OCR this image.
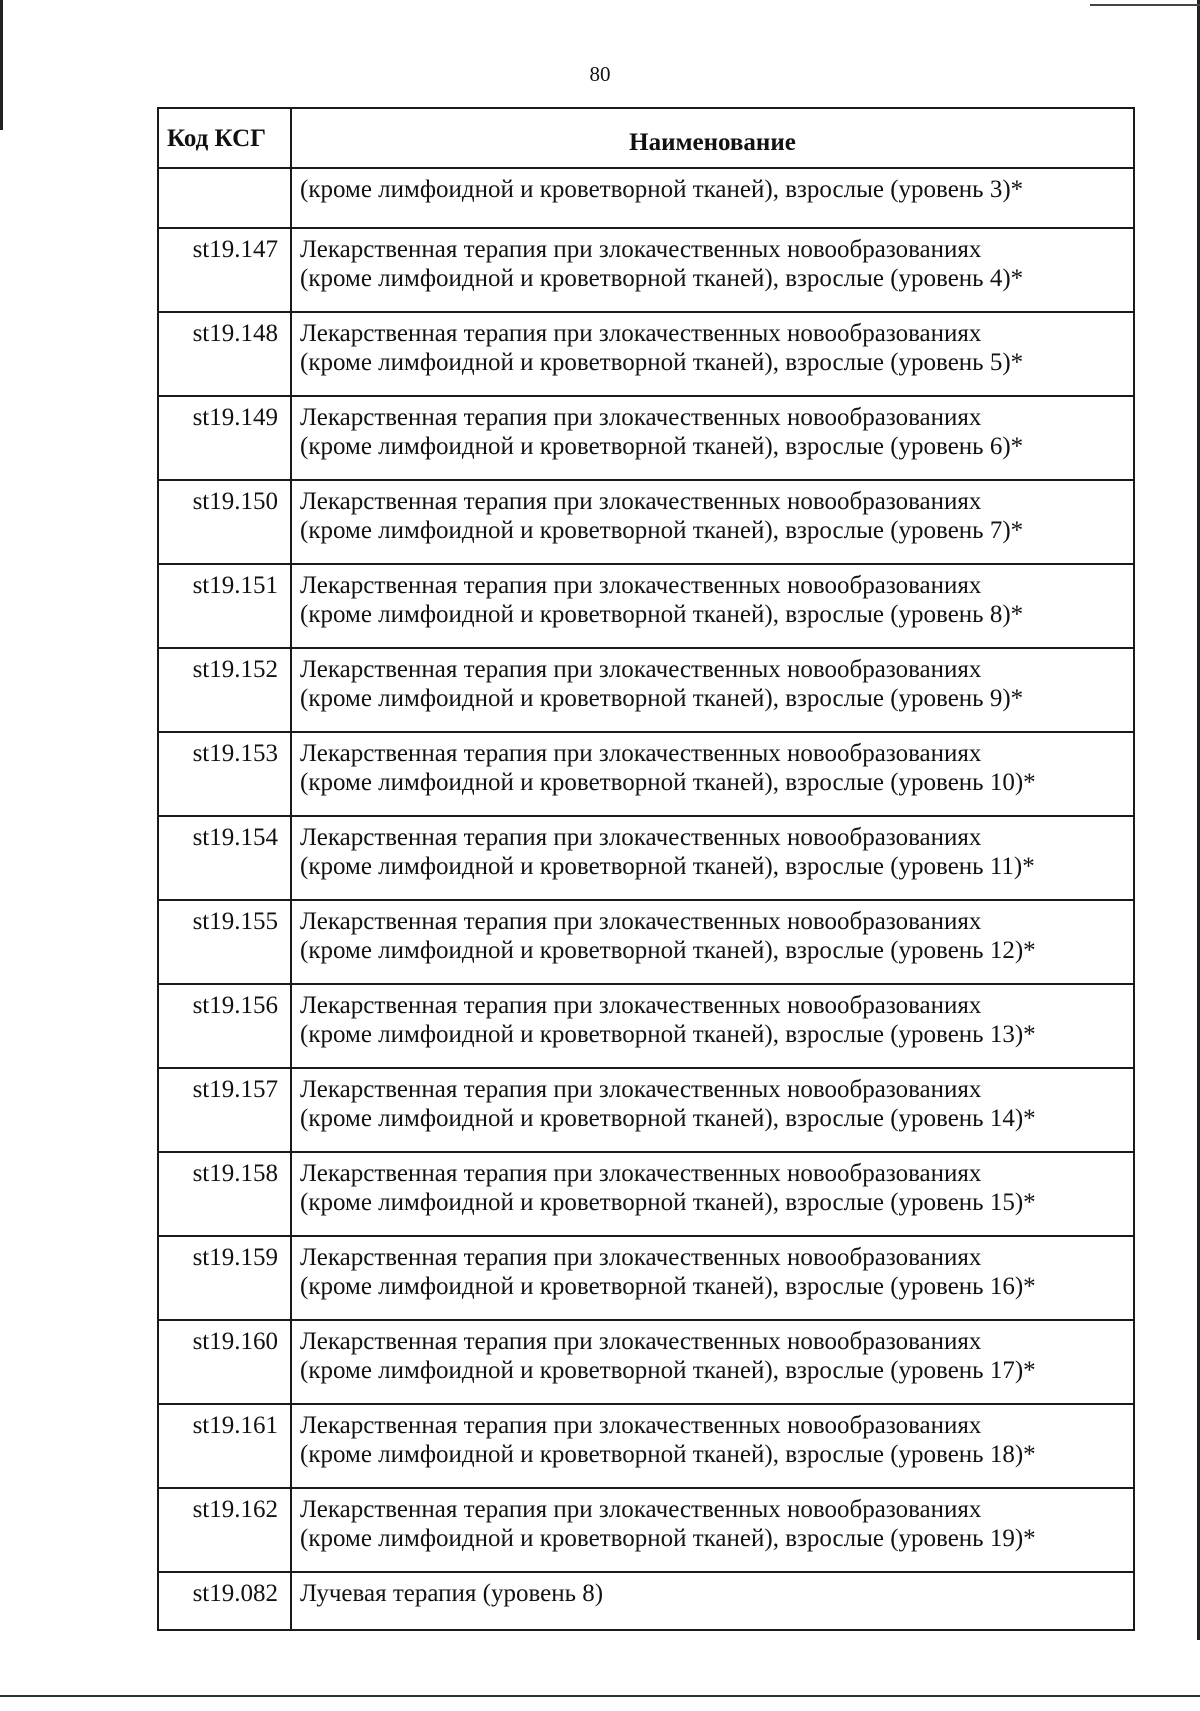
80
Код КСГ	Наименование
	(кроме лимфоидной и кроветворной тканей), взрослые (уровень 3)*
st19.147	Лекарственная терапия при злокачественных новообразованиях
(кроме лимфоидной и кроветворной тканей), взрослые (уровень 4)*

st19.148	Лекарственная терапия при злокачественных новообразованиях
(кроме лимфоидной и кроветворной тканей), взрослые (уровень 5)*

st19.149	Лекарственная терапия при злокачественных новообразованиях
(кроме лимфоидной и кроветворной тканей), взрослые (уровень 6)*

st19.150	Лекарственная терапия при злокачественных новообразованиях
(кроме лимфоидной и кроветворной тканей), взрослые (уровень 7)*

st19.151	Лекарственная терапия при злокачественных новообразованиях
(кроме лимфоидной и кроветворной тканей), взрослые (уровень 8)*

st19.152	Лекарственная терапия при злокачественных новообразованиях
(кроме лимфоидной и кроветворной тканей), взрослые (уровень 9)*

st19.153	Лекарственная терапия при злокачественных новообразованиях
(кроме лимфоидной и кроветворной тканей), взрослые (уровень 10)*

st19.154	Лекарственная терапия при злокачественных новообразованиях
(кроме лимфоидной и кроветворной тканей), взрослые (уровень 11)*

st19.155	Лекарственная терапия при злокачественных новообразованиях
(кроме лимфоидной и кроветворной тканей), взрослые (уровень 12)*

st19.156	Лекарственная терапия при злокачественных новообразованиях
(кроме лимфоидной и кроветворной тканей), взрослые (уровень 13)*

st19.157	Лекарственная терапия при злокачественных новообразованиях
(кроме лимфоидной и кроветворной тканей), взрослые (уровень 14)*

st19.158	Лекарственная терапия при злокачественных новообразованиях
(кроме лимфоидной и кроветворной тканей), взрослые (уровень 15)*

st19.159	Лекарственная терапия при злокачественных новообразованиях
(кроме лимфоидной и кроветворной тканей), взрослые (уровень 16)*

st19.160	Лекарственная терапия при злокачественных новообразованиях
(кроме лимфоидной и кроветворной тканей), взрослые (уровень 17)*

st19.161	Лекарственная терапия при злокачественных новообразованиях
(кроме лимфоидной и кроветворной тканей), взрослые (уровень 18)*

st19.162	Лекарственная терапия при злокачественных новообразованиях
(кроме лимфоидной и кроветворной тканей), взрослые (уровень 19)*

st19.082	Лучевая терапия (уровень 8)
